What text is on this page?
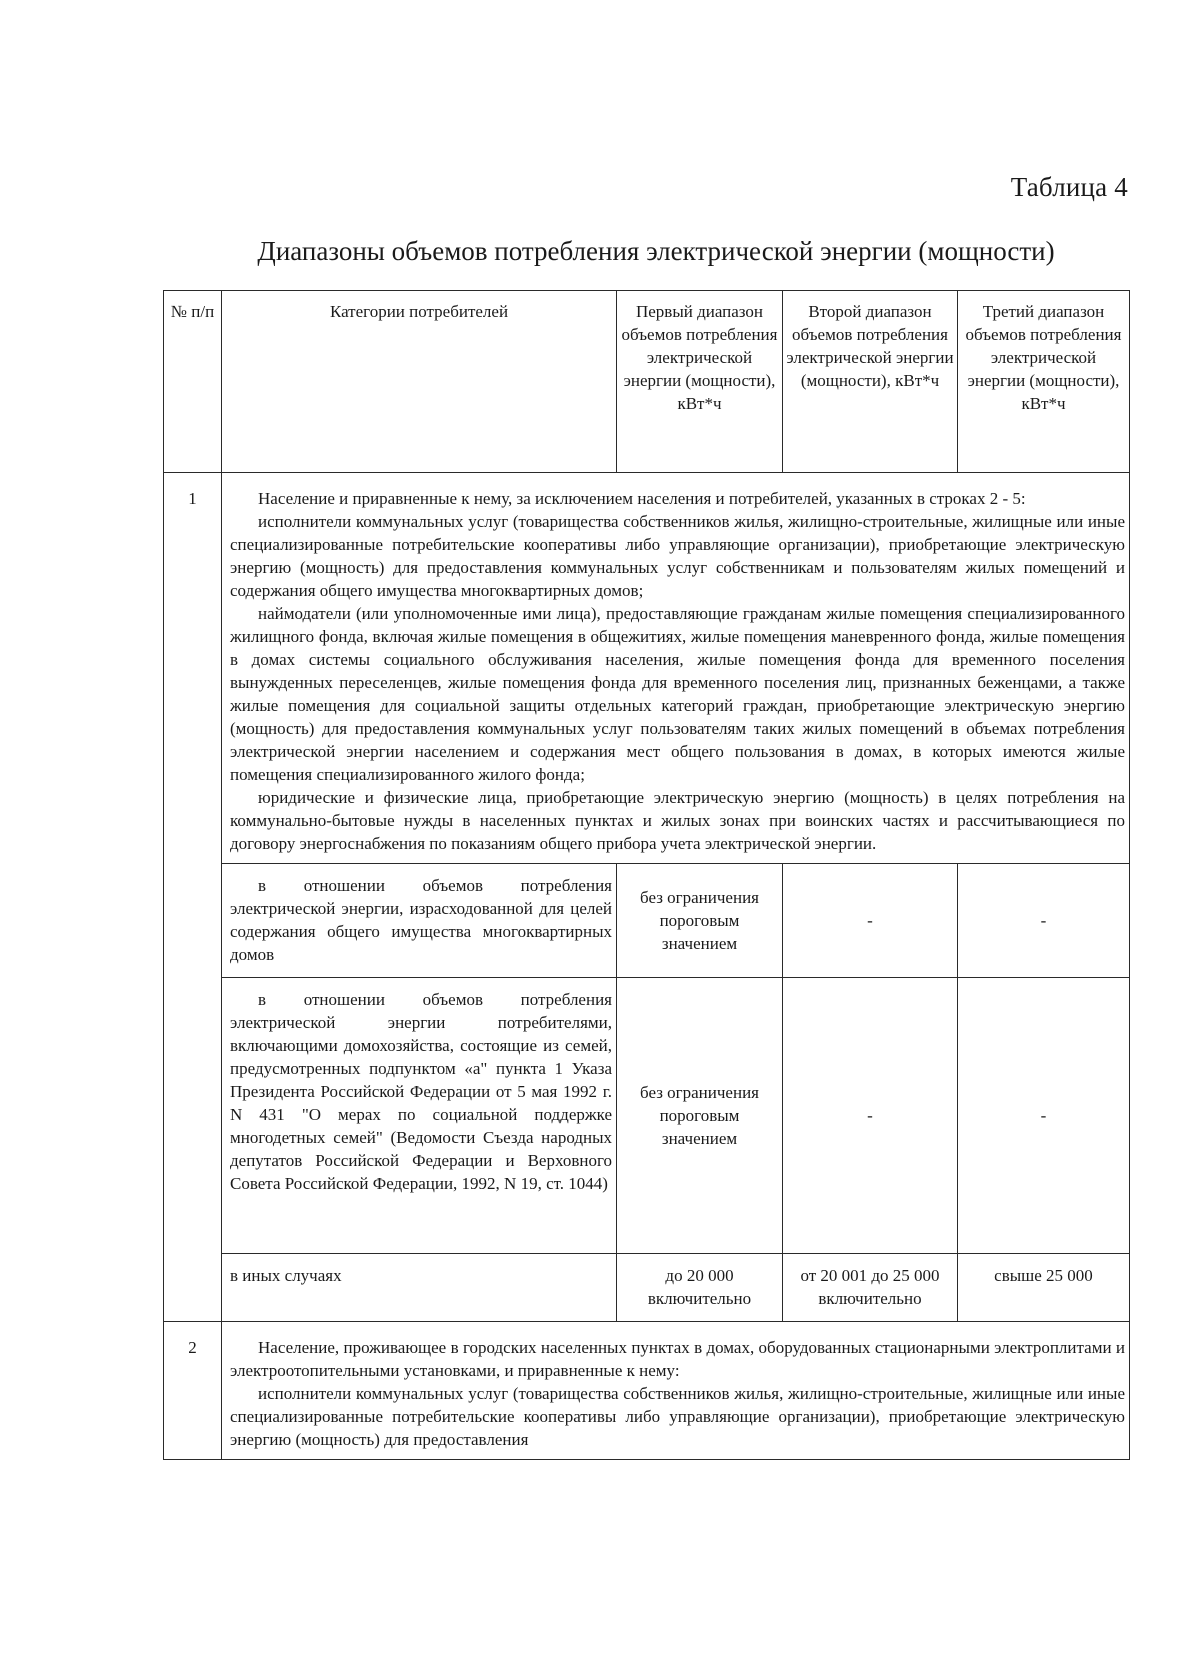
Таблица 4
Диапазоны объемов потребления электрической энергии (мощности)
№ п/п	Категории потребителей	Первый диапазон объемов потребления электрической энергии (мощности), кВт*ч	Второй диапазон объемов потребления электрической энергии (мощности), кВт*ч	Третий диапазон объемов потребления электрической энергии (мощности), кВт*ч
1	Население и приравненные к нему, за исключением населения и потребителей, указанных в строках 2 - 5:

исполнители коммунальных услуг (товарищества собственников жилья, жилищно-строительные, жилищные или иные специализированные потребительские кооперативы либо управляющие организации), приобретающие электрическую энергию (мощность) для предоставления коммунальных услуг собственникам и пользователям жилых помещений и содержания общего имущества многоквартирных домов;

наймодатели (или уполномоченные ими лица), предоставляющие гражданам жилые помещения специализированного жилищного фонда, включая жилые помещения в общежитиях, жилые помещения маневренного фонда, жилые помещения в домах системы социального обслуживания населения, жилые помещения фонда для временного поселения вынужденных переселенцев, жилые помещения фонда для временного поселения лиц, признанных беженцами, а также жилые помещения для социальной защиты отдельных категорий граждан, приобретающие электрическую энергию (мощность) для предоставления коммунальных услуг пользователям таких жилых помещений в объемах потребления электрической энергии населением и содержания мест общего пользования в домах, в которых имеются жилые помещения специализированного жилого фонда;

юридические и физические лица, приобретающие электрическую энергию (мощность) в целях потребления на коммунально-бытовые нужды в населенных пунктах и жилых зонах при воинских частях и рассчитывающиеся по договору энергоснабжения по показаниям общего прибора учета электрической энергии.			

	в отношении объемов потребления электрической энергии, израсходованной для целей содержания общего имущества многоквартирных домов	без ограничения пороговым значением	-	-

	в отношении объемов потребления электрической энергии потребителями, включающими домохозяйства, состоящие из семей, предусмотренных подпунктом «а" пункта 1 Указа Президента Российской Федерации от 5 мая 1992 г. N 431 "О мерах по социальной поддержке многодетных семей" (Ведомости Съезда народных депутатов Российской Федерации и Верховного Совета Российской Федерации, 1992, N 19, ст. 1044)	без ограничения пороговым значением	-	-
	в иных случаях	до 20 000 включительно	от 20 001 до 25 000 включительно	свыше 25 000
2	Население, проживающее в городских населенных пунктах в домах, оборудованных стационарными электроплитами и электроотопительными установками, и приравненные к нему:

исполнители коммунальных услуг (товарищества собственников жилья, жилищно-строительные, жилищные или иные специализированные потребительские кооперативы либо управляющие организации), приобретающие электрическую энергию (мощность) для предоставления			
